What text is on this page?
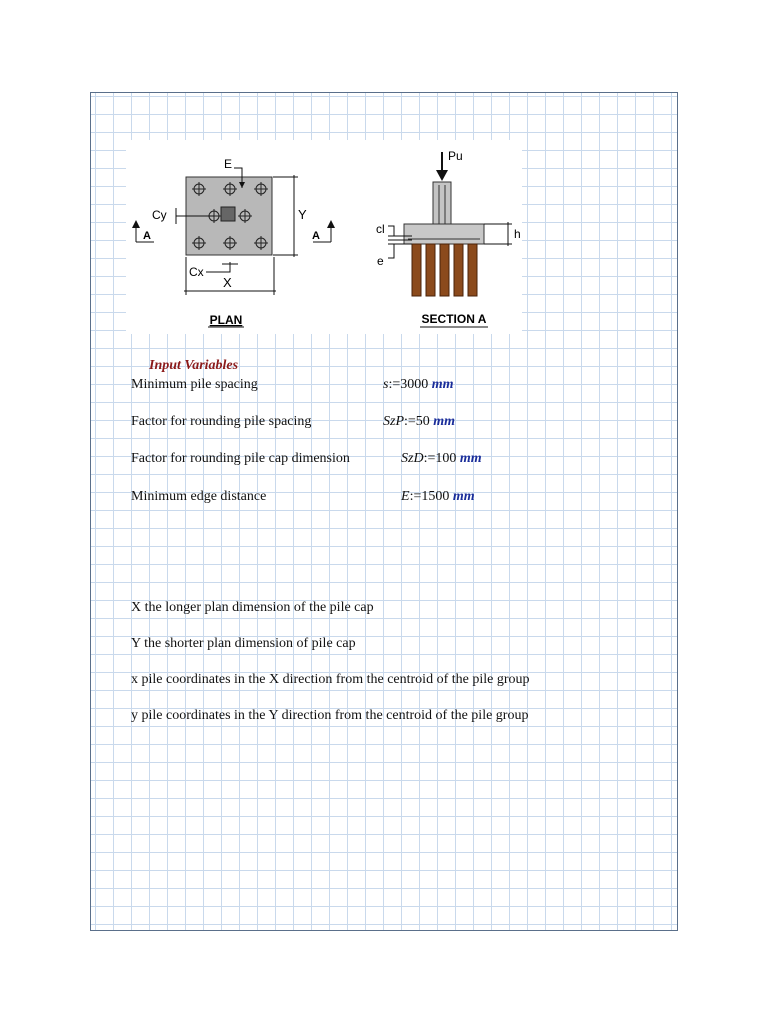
E
Cy
Cx
X
Y
A	A
PLAN
Pu
cl
e
h
SECTION A
Input Variables
Minimum pile spacing	s:=3000 mm
Factor for rounding pile spacing	SzP:=50 mm
Factor for rounding pile cap dimension	SzD:=100 mm
Minimum edge distance	E:=1500 mm
X the longer plan dimension of the pile cap
Y the shorter plan dimension of pile cap
x pile coordinates in the X direction from the centroid of the pile group
y pile coordinates in the Y direction from the centroid of the pile group
